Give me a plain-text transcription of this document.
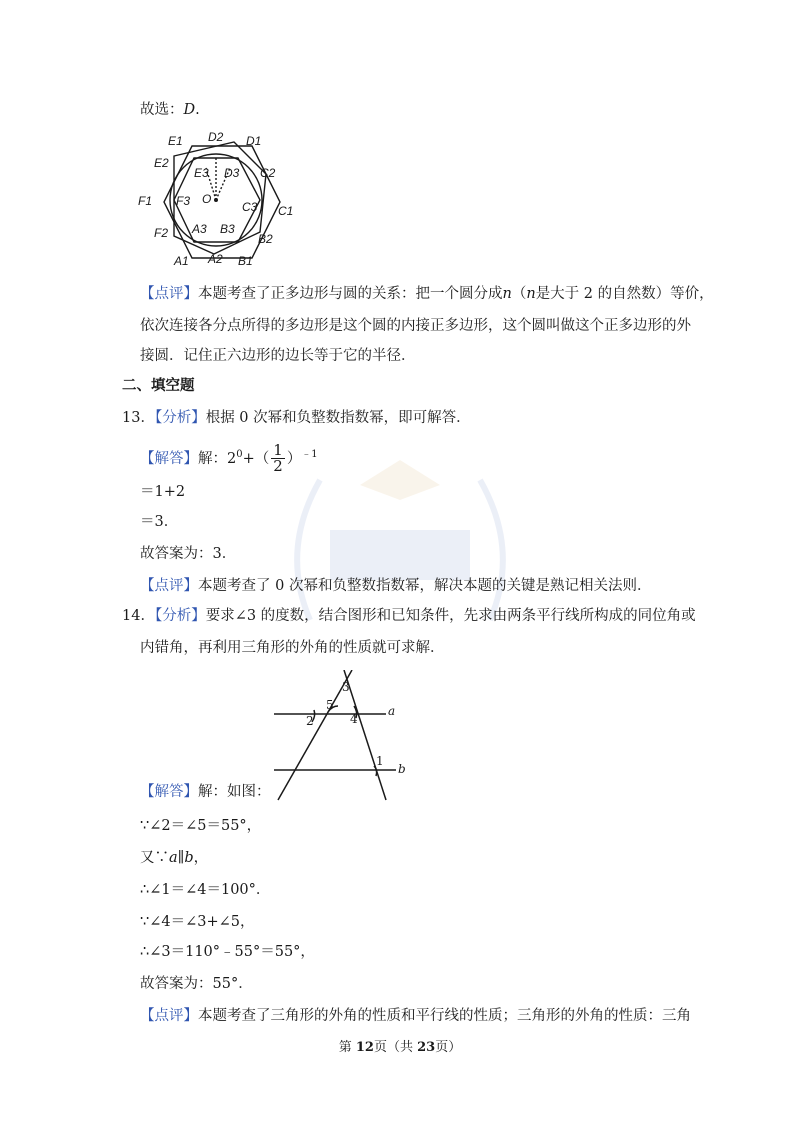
故选：D.
E1 D2 D1
E2
E3 D3 C2
F1 F3 O
C3 C1
F2 A3 B3
B2
A1 A2 B1
【点评】本题考查了正多边形与圆的关系：把一个圆分成n（n是大于 2 的自然数）等价，
依次连接各分点所得的多边形是这个圆的内接正多边形，这个圆叫做这个正多边形的外
接圆．记住正六边形的边长等于它的半径．
二、填空题
13．【分析】根据 0 次幂和负整数指数幂，即可解答．
【解答】解：$2^0+( \frac{1}{2} )^{﹣1}$
＝1+2
＝3．
故答案为：3．
【点评】本题考查了 0 次幂和负整数指数幂，解决本题的关键是熟记相关法则．
14．【分析】要求∠3 的度数，结合图形和已知条件，先求由两条平行线所构成的同位角或
内错角，再利用三角形的外角的性质就可求解．
3
5
2	4
a
1
b
【解答】解：如图：
∵∠2＝∠5＝55°，
又∵a∥b，
∴∠1＝∠4＝100°．
∵∠4＝∠3+∠5，
∴∠3＝110°﹣55°＝55°，
故答案为：55°．
【点评】本题考查了三角形的外角的性质和平行线的性质；三角形的外角的性质：三角
第 12页（共 23页）
